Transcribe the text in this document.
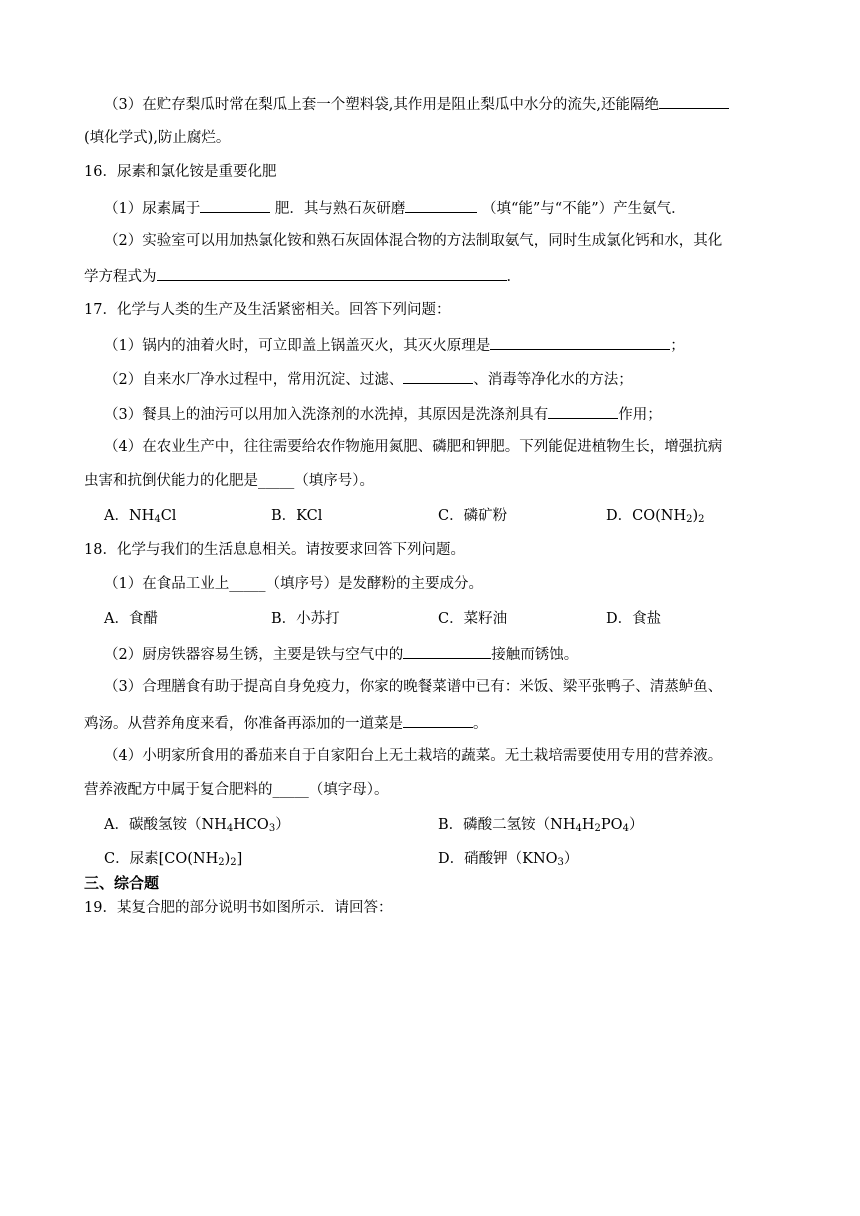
（3）在贮存梨瓜时常在梨瓜上套一个塑料袋,其作用是阻止梨瓜中水分的流失,还能隔绝
(填化学式),防止腐烂。
16．尿素和氯化铵是重要化肥
（1）尿素属于	肥．其与熟石灰研磨	（填“能”与“不能”）产生氨气．
（2）实验室可以用加热氯化铵和熟石灰固体混合物的方法制取氨气，同时生成氯化钙和水，其化
学方程式为	．
17．化学与人类的生产及生活紧密相关。回答下列问题：
（1）锅内的油着火时，可立即盖上锅盖灭火，其灭火原理是	；
（2）自来水厂净水过程中，常用沉淀、过滤、	、消毒等净化水的方法；
（3）餐具上的油污可以用加入洗涤剂的水洗掉，其原因是洗涤剂具有	作用；
（4）在农业生产中，往往需要给农作物施用氮肥、磷肥和钾肥。下列能促进植物生长，增强抗病
虫害和抗倒伏能力的化肥是_____（填序号）。
A．$NH_4Cl$	B．KCl	C．磷矿粉	D．$CO(NH_2)_2$
18．化学与我们的生活息息相关。请按要求回答下列问题。
（1）在食品工业上_____（填序号）是发酵粉的主要成分。
A．食醋	B．小苏打	C．菜籽油	D．食盐
（2）厨房铁器容易生锈，主要是铁与空气中的	接触而锈蚀。
（3）合理膳食有助于提高自身免疫力，你家的晚餐菜谱中已有：米饭、梁平张鸭子、清蒸鲈鱼、
鸡汤。从营养角度来看，你准备再添加的一道菜是	。
（4）小明家所食用的番茄来自于自家阳台上无土栽培的蔬菜。无土栽培需要使用专用的营养液。
营养液配方中属于复合肥料的_____（填字母）。
A．碳酸氢铵$(NH_4HCO_3)$	B．磷酸二氢铵$(NH_4H_2PO_4)$
C．尿素$[CO(NH_2)_2]$	D．硝酸钾$(KNO_3)$
三、综合题
19．某复合肥的部分说明书如图所示．请回答：
